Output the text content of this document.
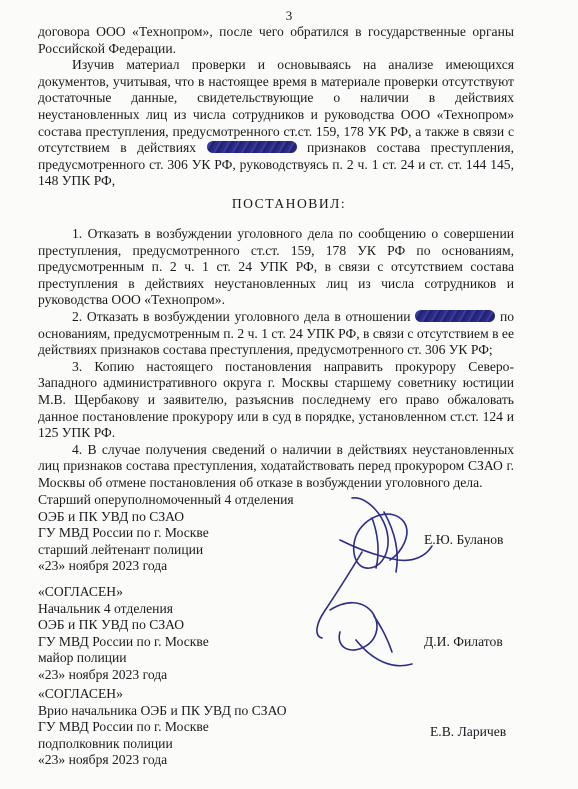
3

договора ООО «Технопром», после чего обратился в государственные органы Российской Федерации.

Изучив материал проверки и основываясь на анализе имеющихся документов, учитывая, что в настоящее время в материале проверки отсутствуют достаточные данные, свидетельствующие о наличии в действиях неустановленных лиц из числа сотрудников и руководства ООО «Технопром» состава преступления, предусмотренного ст.ст. 159, 178 УК РФ, а также в связи с отсутствием в действиях	признаков состава преступления, предусмотренного ст. 306 УК РФ, руководствуясь п. 2 ч. 1 ст. 24 и ст. ст. 144 145, 148 УПК РФ,

ПОСТАНОВИЛ:

1. Отказать в возбуждении уголовного дела по сообщению о совершении преступления, предусмотренного ст.ст. 159, 178 УК РФ по основаниям, предусмотренным п. 2 ч. 1 ст. 24 УПК РФ, в связи с отсутствием состава преступления в действиях неустановленных лиц из числа сотрудников и руководства ООО «Технопром».

2. Отказать в возбуждении уголовного дела в отношении	по основаниям, предусмотренным п. 2 ч. 1 ст. 24 УПК РФ, в связи с отсутствием в ее действиях признаков состава преступления, предусмотренного ст. 306 УК РФ;

3. Копию настоящего постановления направить прокурору Северо-Западного административного округа г. Москвы старшему советнику юстиции М.В. Щербакову и заявителю, разъяснив последнему его право обжаловать данное постановление прокурору или в суд в порядке, установленном ст.ст. 124 и 125 УПК РФ.

4. В случае получения сведений о наличии в действиях неустановленных лиц признаков состава преступления, ходатайствовать перед прокурором СЗАО г. Москвы об отмене постановления об отказе в возбуждении уголовного дела.

Старший оперуполномоченный 4 отделения
ОЭБ и ПК УВД по СЗАО
ГУ МВД России по г. Москве
старший лейтенант полиции
«23» ноября 2023 года
Е.Ю. Буланов
«СОГЛАСЕН»
Начальник 4 отделения
ОЭБ и ПК УВД по СЗАО
ГУ МВД России по г. Москве
майор полиции
«23» ноября 2023 года
Д.И. Филатов
«СОГЛАСЕН»
Врио начальника ОЭБ и ПК УВД по СЗАО
ГУ МВД России по г. Москве
подполковник полиции
«23» ноября 2023 года
Е.В. Ларичев
